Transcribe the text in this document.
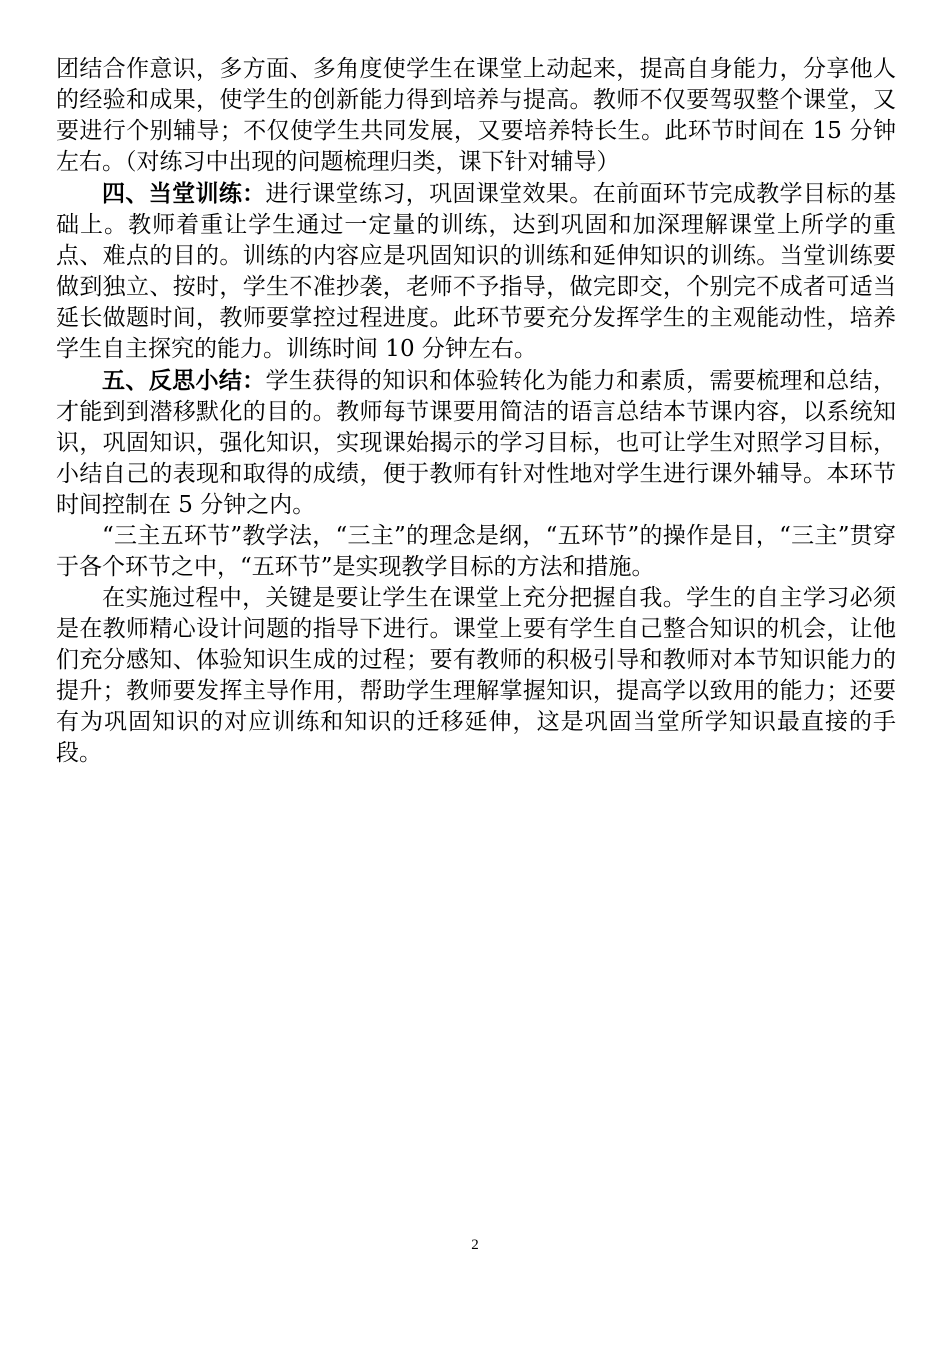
团结合作意识，多方面、多角度使学生在课堂上动起来，提高自身能力，分享他人的经验和成果，使学生的创新能力得到培养与提高。教师不仅要驾驭整个课堂，又要进行个别辅导；不仅使学生共同发展，又要培养特长生。此环节时间在 15 分钟左右。（对练习中出现的问题梳理归类，课下针对辅导）

四、当堂训练：进行课堂练习，巩固课堂效果。在前面环节完成教学目标的基础上。教师着重让学生通过一定量的训练，达到巩固和加深理解课堂上所学的重点、难点的目的。训练的内容应是巩固知识的训练和延伸知识的训练。当堂训练要做到独立、按时，学生不准抄袭，老师不予指导，做完即交，个别完不成者可适当延长做题时间，教师要掌控过程进度。此环节要充分发挥学生的主观能动性，培养学生自主探究的能力。训练时间 10 分钟左右。

五、反思小结：学生获得的知识和体验转化为能力和素质，需要梳理和总结，才能到到潜移默化的目的。教师每节课要用简洁的语言总结本节课内容，以系统知识，巩固知识，强化知识，实现课始揭示的学习目标，也可让学生对照学习目标，小结自己的表现和取得的成绩，便于教师有针对性地对学生进行课外辅导。本环节时间控制在 5 分钟之内。

“三主五环节”教学法，“三主”的理念是纲，“五环节”的操作是目，“三主”贯穿于各个环节之中，“五环节”是实现教学目标的方法和措施。

在实施过程中，关键是要让学生在课堂上充分把握自我。学生的自主学习必须是在教师精心设计问题的指导下进行。课堂上要有学生自己整合知识的机会，让他们充分感知、体验知识生成的过程；要有教师的积极引导和教师对本节知识能力的提升；教师要发挥主导作用，帮助学生理解掌握知识，提高学以致用的能力；还要有为巩固知识的对应训练和知识的迁移延伸，这是巩固当堂所学知识最直接的手段。

2
